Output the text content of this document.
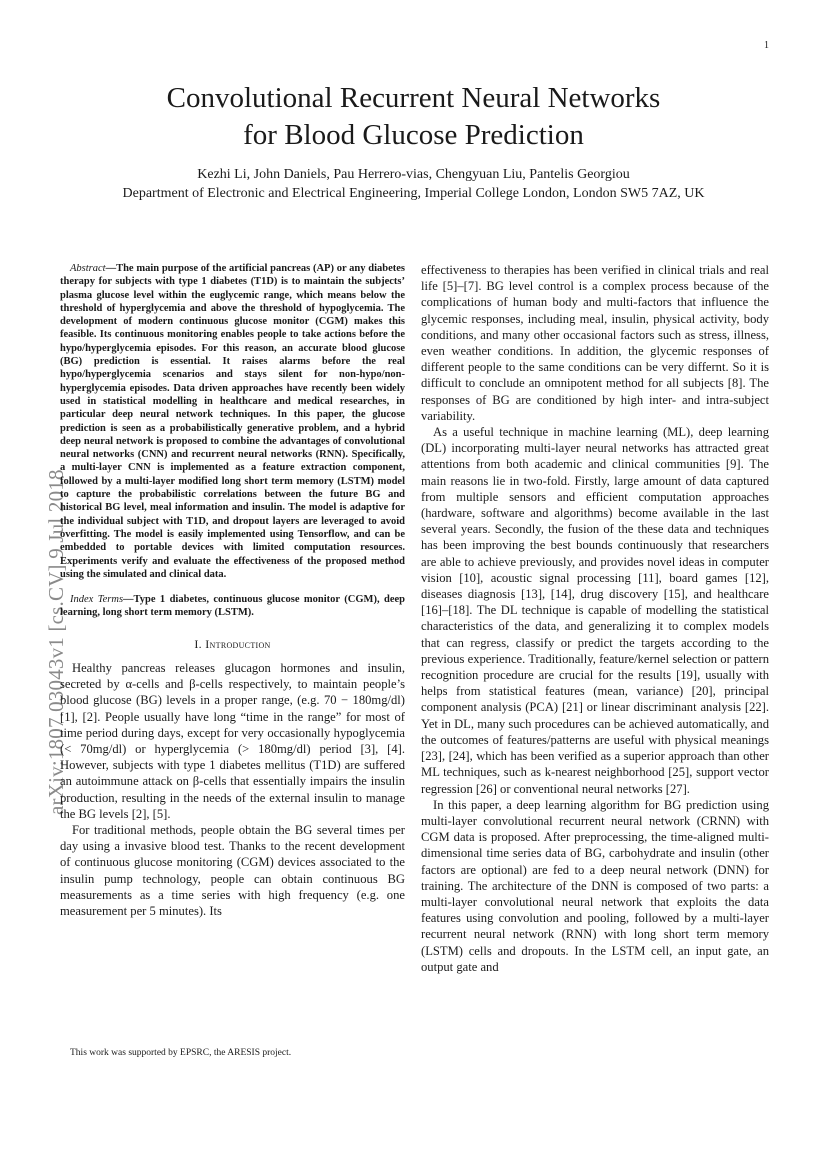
1
arXiv:1807.03043v1 [cs.CV] 9 Jul 2018
Convolutional Recurrent Neural Networks
for Blood Glucose Prediction
Kezhi Li, John Daniels, Pau Herrero-vias, Chengyuan Liu, Pantelis Georgiou
Department of Electronic and Electrical Engineering, Imperial College London, London SW5 7AZ, UK

Abstract—The main purpose of the artificial pancreas (AP) or any diabetes therapy for subjects with type 1 diabetes (T1D) is to maintain the subjects’ plasma glucose level within the euglycemic range, which means below the threshold of hyperglycemia and above the threshold of hypoglycemia. The development of modern continuous glucose monitor (CGM) makes this feasible. Its continuous monitoring enables people to take actions before the hypo/hyperglycemia episodes. For this reason, an accurate blood glucose (BG) prediction is essential. It raises alarms before the real hypo/hyperglycemia scenarios and stays silent for non-hypo/non-hyperglycemia episodes. Data driven approaches have recently been widely used in statistical modelling in healthcare and medical researches, in particular deep neural network techniques. In this paper, the glucose prediction is seen as a probabilistically generative problem, and a hybrid deep neural network is proposed to combine the advantages of convolutional neural networks (CNN) and recurrent neural networks (RNN). Specifically, a multi-layer CNN is implemented as a feature extraction component, followed by a multi-layer modified long short term memory (LSTM) model to capture the probabilistic correlations between the future BG and historical BG level, meal information and insulin. The model is adaptive for the individual subject with T1D, and dropout layers are leveraged to avoid overfitting. The model is easily implemented using Tensorflow, and can be embedded to portable devices with limited computation resources. Experiments verify and evaluate the effectiveness of the proposed method using the simulated and clinical data.

Index Terms—Type 1 diabetes, continuous glucose monitor (CGM), deep learning, long short term memory (LSTM).

I. Introduction

Healthy pancreas releases glucagon hormones and insulin, secreted by α-cells and β-cells respectively, to maintain people’s blood glucose (BG) levels in a proper range, (e.g. 70 − 180mg/dl) [1], [2]. People usually have long “time in the range” for most of time period during days, except for very occasionally hypoglycemia (< 70mg/dl) or hyperglycemia (> 180mg/dl) period [3], [4]. However, subjects with type 1 diabetes mellitus (T1D) are suffered an autoimmune attack on β-cells that essentially impairs the insulin production, resulting in the needs of the external insulin to manage the BG levels [2], [5].

For traditional methods, people obtain the BG several times per day using a invasive blood test. Thanks to the recent development of continuous glucose monitoring (CGM) devices associated to the insulin pump technology, people can obtain continuous BG measurements as a time series with high frequency (e.g. one measurement per 5 minutes). Its

This work was supported by EPSRC, the ARESIS project.

effectiveness to therapies has been verified in clinical trials and real life [5]–[7]. BG level control is a complex process because of the complications of human body and multi-factors that influence the glycemic responses, including meal, insulin, physical activity, body conditions, and many other occasional factors such as stress, illness, even weather conditions. In addition, the glycemic responses of different people to the same conditions can be very differnt. So it is difficult to conclude an omnipotent method for all subjects [8]. The responses of BG are conditioned by high inter- and intra-subject variability.

As a useful technique in machine learning (ML), deep learning (DL) incorporating multi-layer neural networks has attracted great attentions from both academic and clinical communities [9]. The main reasons lie in two-fold. Firstly, large amount of data captured from multiple sensors and efficient computation approaches (hardware, software and algorithms) become available in the last several years. Secondly, the fusion of the these data and techniques has been improving the best bounds continuously that researchers are able to achieve previously, and provides novel ideas in computer vision [10], acoustic signal processing [11], board games [12], diseases diagnosis [13], [14], drug discovery [15], and healthcare [16]–[18]. The DL technique is capable of modelling the statistical characteristics of the data, and generalizing it to complex models that can regress, classify or predict the targets according to the previous experience. Traditionally, feature/kernel selection or pattern recognition procedure are crucial for the results [19], usually with helps from statistical features (mean, variance) [20], principal component analysis (PCA) [21] or linear discriminant analysis [22]. Yet in DL, many such procedures can be achieved automatically, and the outcomes of features/patterns are useful with physical meanings [23], [24], which has been verified as a superior approach than other ML techniques, such as k-nearest neighborhood [25], support vector regression [26] or conventional neural networks [27].

In this paper, a deep learning algorithm for BG prediction using multi-layer convolutional recurrent neural network (CRNN) with CGM data is proposed. After preprocessing, the time-aligned multi-dimensional time series data of BG, carbohydrate and insulin (other factors are optional) are fed to a deep neural network (DNN) for training. The architecture of the DNN is composed of two parts: a multi-layer convolutional neural network that exploits the data features using convolution and pooling, followed by a multi-layer recurrent neural network (RNN) with long short term memory (LSTM) cells and dropouts. In the LSTM cell, an input gate, an output gate and
